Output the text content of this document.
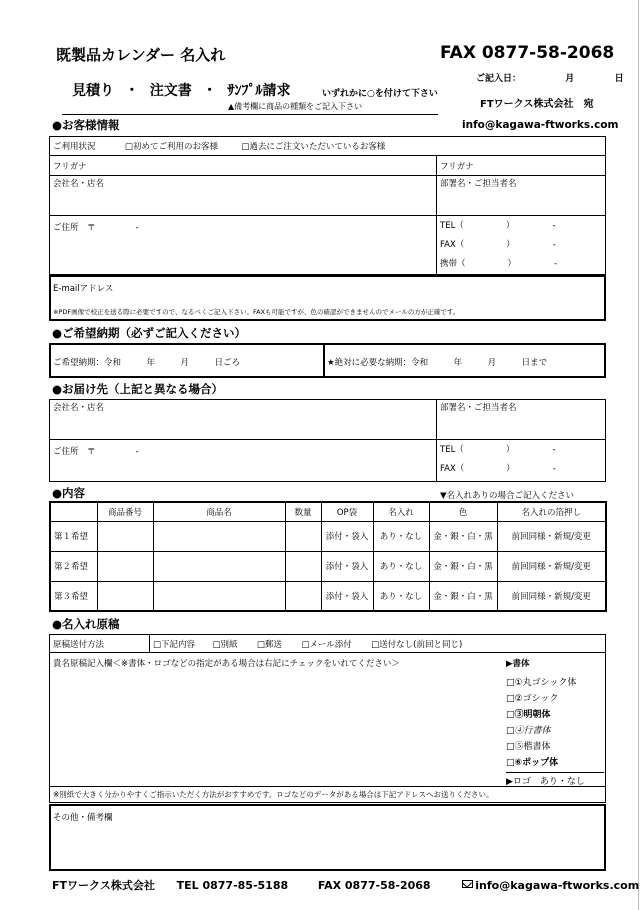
既製品カレンダー 名入れ	FAX 0877-58-2068
見積り ・ 注文書 ・ ｻﾝﾌﾟﾙ請求	いずれかに○を付けて下さい
ご記入日：	月	日
FTワークス株式会社　宛
▲備考欄に商品の種類をご記入下さい
●お客様情報	info@kagawa-ftworks.com
ご利用状況 □初めてご利用のお客様 □過去にご注文いただいているお客様	
フリガナ	フリガナ
会社名・店名	部署名・ご担当者名

ご住所　〒 -	TEL（ ） -
FAX（ ） -
携帯（ ） -
E-mailアドレス
※PDF画像で校正を送る際に必要ですので、なるべくご記入下さい。FAXも可能ですが、色の確認ができませんのでメールの方が正確です。
●ご希望納期（必ずご記入ください）
ご希望納期：令和　　　年　　　月　　　日ごろ	★絶対に必要な納期：令和　　　年　　　月　　　日まで
●お届け先（上記と異なる場合）
会社名・店名	部署名・ご担当者名

ご住所　〒 -	TEL（ ） -
FAX（ ） -
●内容	▼名入れありの場合ご記入ください
	商品番号	商品名	数量	OP袋	名入れ	色	名入れの箔押し
第１希望				添付・袋入	あり・なし	金・銀・白・黒	前回同様・新規/変更
第２希望				添付・袋入	あり・なし	金・銀・白・黒	前回同様・新規/変更
第３希望				添付・袋入	あり・なし	金・銀・白・黒	前回同様・新規/変更
●名入れ原稿
原稿送付方法	□下記内容 □別紙 □郵送 □メール添付 □送付なし(前回と同じ)

貴名原稿記入欄＜※書体・ロゴなどの指定がある場合は右記にチェックをいれてください＞	▶書体
□①丸ゴシック体
□②ゴシック
□③明朝体
□④行書体
□⑤楷書体
□⑥ポップ体
▶ロゴ　あり・なし

※別紙で大きく分かりやすくご指示いただく方法がおすすめです。ロゴなどのデータがある場合は下記アドレスへお送りください。
その他・備考欄
FTワークス株式会社 TEL 0877-85-5188	FAX 0877-58-2068	info@kagawa-ftworks.com
